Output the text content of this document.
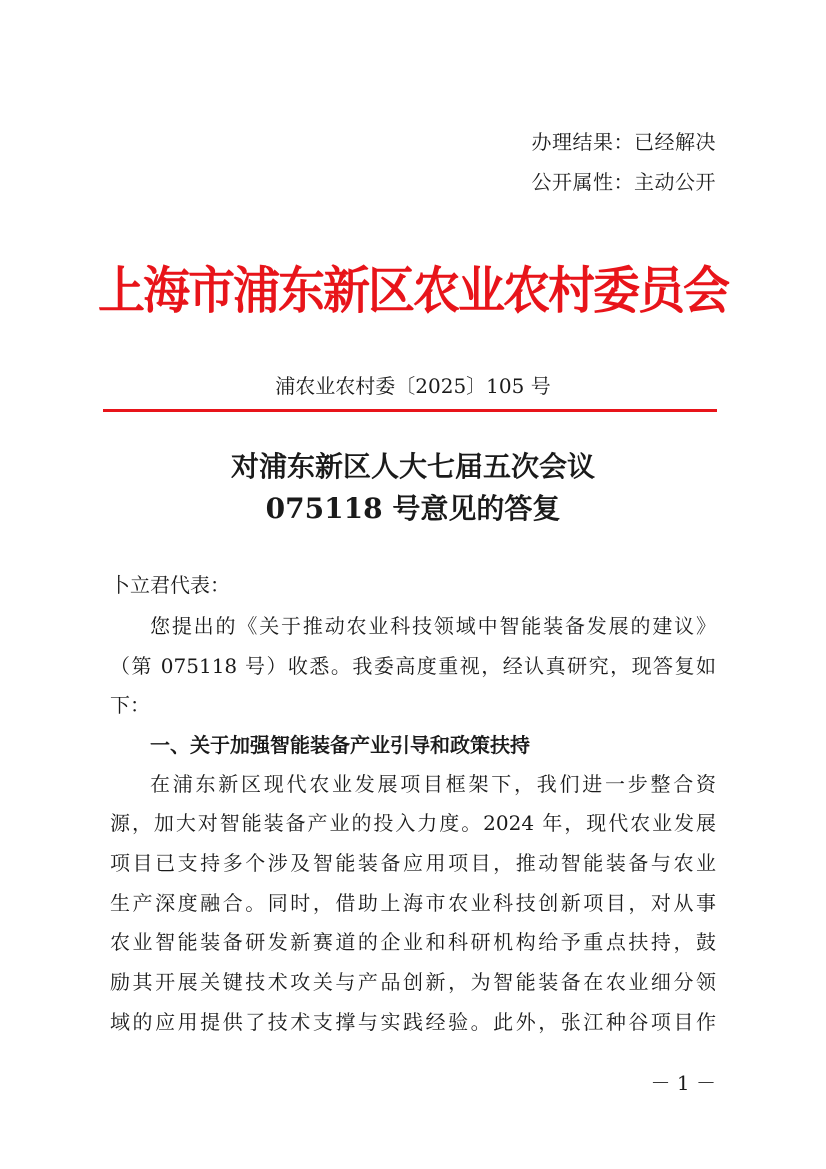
办理结果：已经解决
公开属性：主动公开
上海市浦东新区农业农村委员会
浦农业农村委〔2025〕105 号
对浦东新区人大七届五次会议
075118 号意见的答复
卜立君代表：
您提出的《关于推动农业科技领域中智能装备发展的建议》
（第 075118 号）收悉。我委高度重视，经认真研究，现答复如
下：
一、关于加强智能装备产业引导和政策扶持
在浦东新区现代农业发展项目框架下，我们进一步整合资
源，加大对智能装备产业的投入力度。2024 年，现代农业发展
项目已支持多个涉及智能装备应用项目，推动智能装备与农业
生产深度融合。同时，借助上海市农业科技创新项目，对从事
农业智能装备研发新赛道的企业和科研机构给予重点扶持，鼓
励其开展关键技术攻关与产品创新，为智能装备在农业细分领
域的应用提供了技术支撑与实践经验。此外，张江种谷项目作
－ 1 －
